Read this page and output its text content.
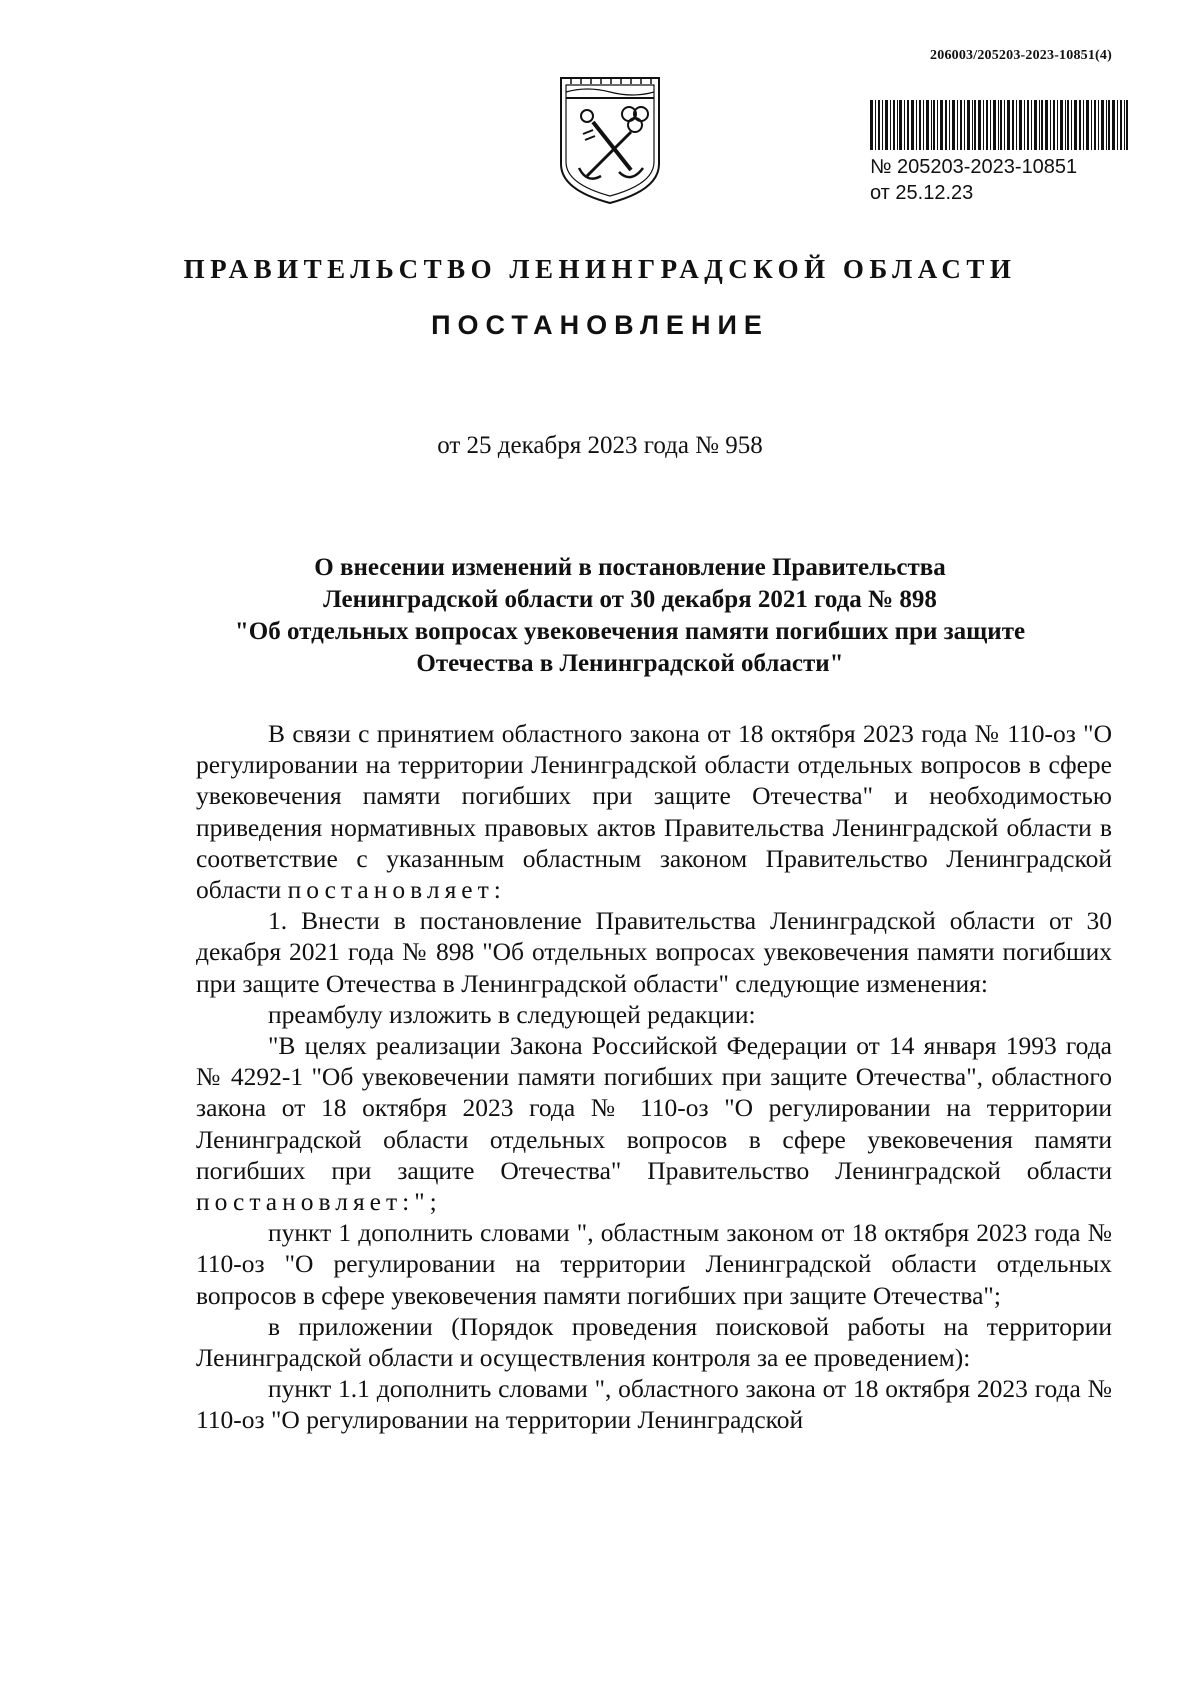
206003/205203-2023-10851(4)
№ 205203-2023-10851
от 25.12.23
ПРАВИТЕЛЬСТВО ЛЕНИНГРАДСКОЙ ОБЛАСТИ
ПОСТАНОВЛЕНИЕ
от 25 декабря 2023 года № 958
О внесении изменений в постановление Правительства
Ленинградской области от 30 декабря 2021 года № 898
"Об отдельных вопросах увековечения памяти погибших при защите
Отечества в Ленинградской области"

В связи с принятием областного закона от 18 октября 2023 года № 110-оз "О регулировании на территории Ленинградской области отдельных вопросов в сфере увековечения памяти погибших при защите Отечества" и необходимостью приведения нормативных правовых актов Правительства Ленинградской области в соответствие с указанным областным законом Правительство Ленинградской области постановляет:

1. Внести в постановление Правительства Ленинградской области от 30 декабря 2021 года № 898 "Об отдельных вопросах увековечения памяти погибших при защите Отечества в Ленинградской области" следующие изменения:

преамбулу изложить в следующей редакции:

"В целях реализации Закона Российской Федерации от 14 января 1993 года № 4292-1 "Об увековечении памяти погибших при защите Отечества", областного закона от 18 октября 2023 года № 110-оз "О регулировании на территории Ленинградской области отдельных вопросов в сфере увековечения памяти погибших при защите Отечества" Правительство Ленинградской области постановляет:";

пункт 1 дополнить словами ", областным законом от 18 октября 2023 года № 110-оз "О регулировании на территории Ленинградской области отдельных вопросов в сфере увековечения памяти погибших при защите Отечества";

в приложении (Порядок проведения поисковой работы на территории Ленинградской области и осуществления контроля за ее проведением):

пункт 1.1 дополнить словами ", областного закона от 18 октября 2023 года № 110-оз "О регулировании на территории Ленинградской
